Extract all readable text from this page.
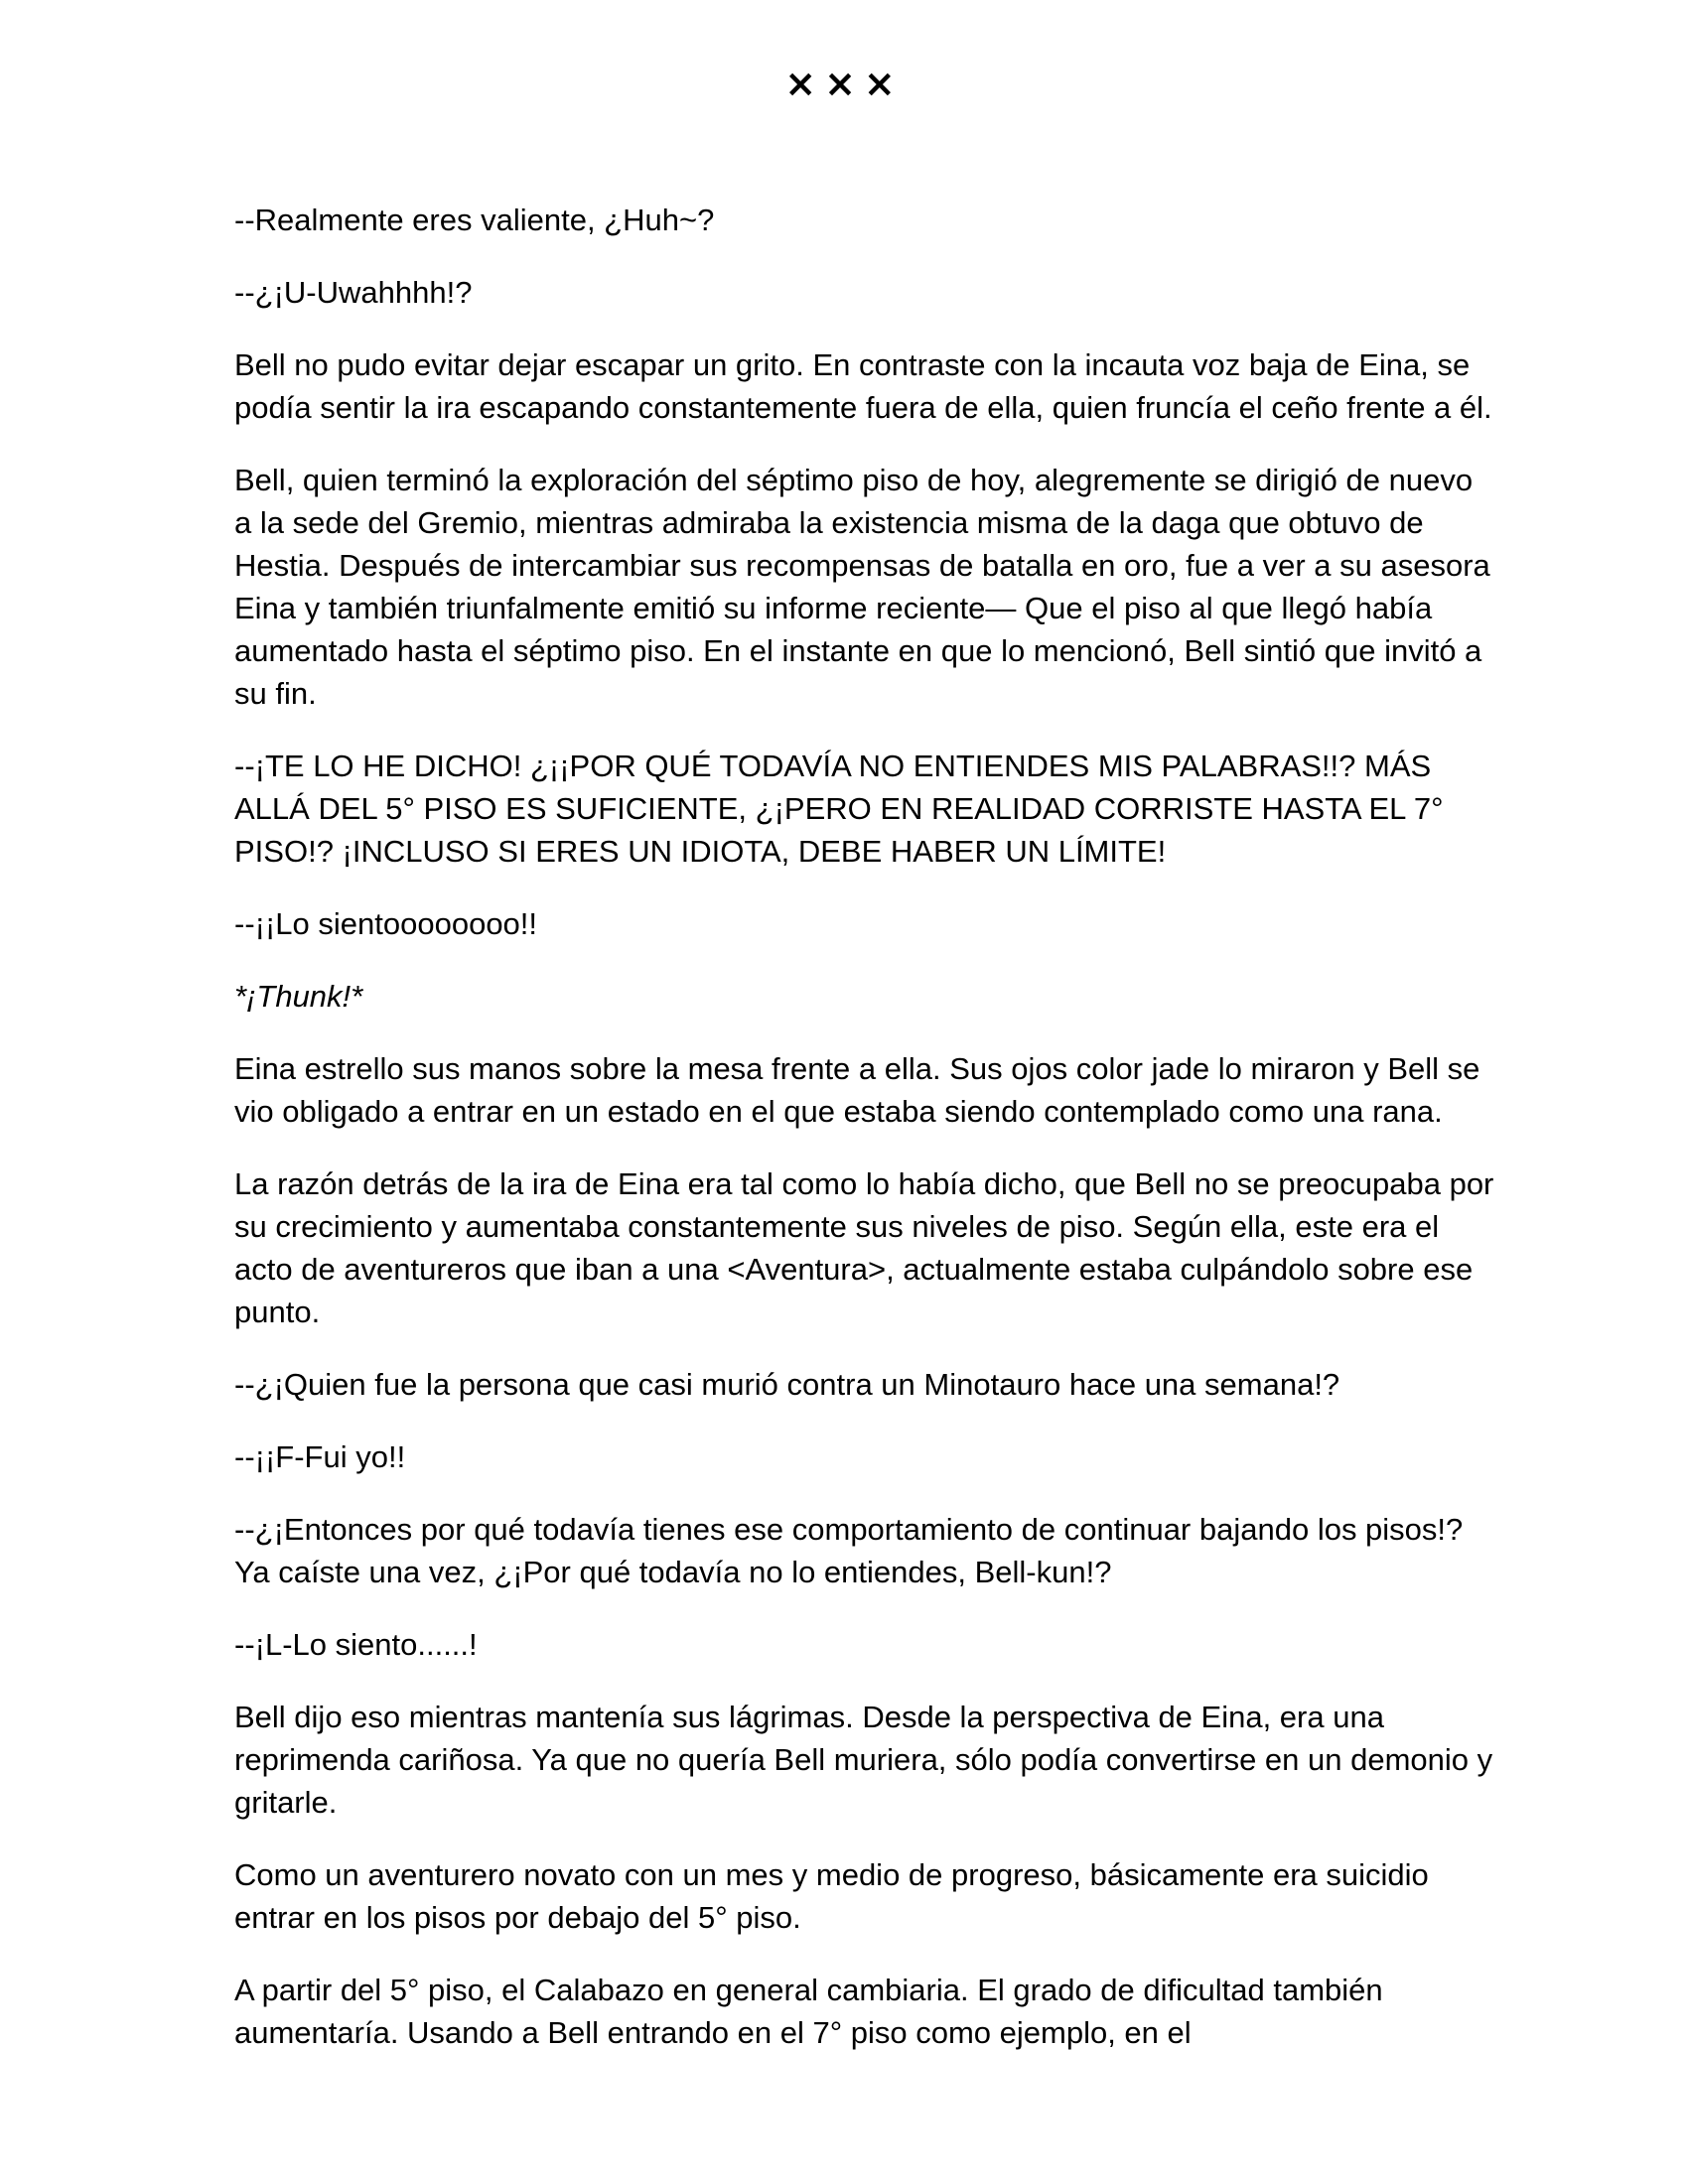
×××

--Realmente eres valiente, ¿Huh~?

--¿¡U-Uwahhhh!?

Bell no pudo evitar dejar escapar un grito. En contraste con la incauta voz baja de Eina, se podía sentir la ira escapando constantemente fuera de ella, quien fruncía el ceño frente a él.

Bell, quien terminó la exploración del séptimo piso de hoy, alegremente se dirigió de nuevo a la sede del Gremio, mientras admiraba la existencia misma de la daga que obtuvo de Hestia. Después de intercambiar sus recompensas de batalla en oro, fue a ver a su asesora Eina y también triunfalmente emitió su informe reciente— Que el piso al que llegó había aumentado hasta el séptimo piso. En el instante en que lo mencionó, Bell sintió que invitó a su fin.

--¡TE LO HE DICHO! ¿¡¡POR QUÉ TODAVÍA NO ENTIENDES MIS PALABRAS!!? MÁS ALLÁ DEL 5° PISO ES SUFICIENTE, ¿¡PERO EN REALIDAD CORRISTE HASTA EL 7° PISO!? ¡INCLUSO SI ERES UN IDIOTA, DEBE HABER UN LÍMITE!

--¡¡Lo sientoooooooo!!

*¡Thunk!*

Eina estrello sus manos sobre la mesa frente a ella. Sus ojos color jade lo miraron y Bell se vio obligado a entrar en un estado en el que estaba siendo contemplado como una rana.

La razón detrás de la ira de Eina era tal como lo había dicho, que Bell no se preocupaba por su crecimiento y aumentaba constantemente sus niveles de piso. Según ella, este era el acto de aventureros que iban a una <Aventura>, actualmente estaba culpándolo sobre ese punto.

--¿¡Quien fue la persona que casi murió contra un Minotauro hace una semana!?

--¡¡F-Fui yo!!

--¿¡Entonces por qué todavía tienes ese comportamiento de continuar bajando los pisos!? Ya caíste una vez, ¿¡Por qué todavía no lo entiendes, Bell-kun!?

--¡L-Lo siento......!

Bell dijo eso mientras mantenía sus lágrimas. Desde la perspectiva de Eina, era una reprimenda cariñosa. Ya que no quería Bell muriera, sólo podía convertirse en un demonio y gritarle.

Como un aventurero novato con un mes y medio de progreso, básicamente era suicidio entrar en los pisos por debajo del 5° piso.

A partir del 5° piso, el Calabazo en general cambiaria. El grado de dificultad también aumentaría. Usando a Bell entrando en el 7° piso como ejemplo, en el
